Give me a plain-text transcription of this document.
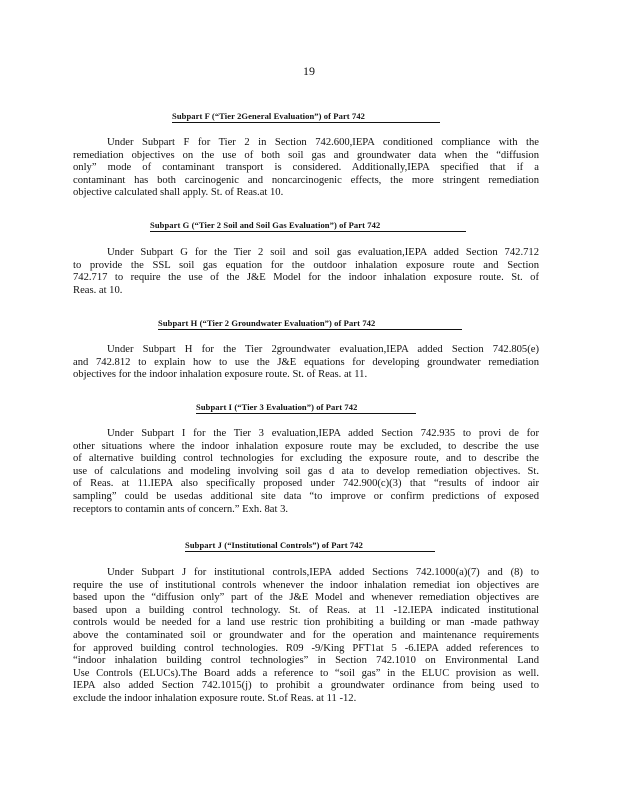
19
Subpart F (“Tier 2General Evaluation”) of Part 742
Under Subpart F for Tier 2 in Section 742.600,IEPA conditioned compliance with the
remediation objectives on the use of both soil gas and groundwater data when the “diffusion
only” mode of contaminant transport is considered. Additionally,IEPA specified that if a
contaminant has both carcinogenic and noncarcinogenic effects, the more stringent remediation
objective calculated shall apply. St. of Reas.at 10.
Subpart G (“Tier 2 Soil and Soil Gas Evaluation”) of Part 742
Under Subpart G for the Tier 2 soil and soil gas evaluation,IEPA added Section 742.712
to provide the SSL soil gas equation for the outdoor inhalation exposure route and Section
742.717 to require the use of the J&E Model for the indoor inhalation exposure route. St. of
Reas. at 10.
Subpart H (“Tier 2 Groundwater Evaluation”) of Part 742
Under Subpart H for the Tier 2groundwater evaluation,IEPA added Section 742.805(e)
and 742.812 to explain how to use the J&E equations for developing groundwater remediation
objectives for the indoor inhalation exposure route. St. of Reas. at 11.
Subpart I (“Tier 3 Evaluation”) of Part 742
Under Subpart I for the Tier 3 evaluation,IEPA added Section 742.935 to provi de for
other situations where the indoor inhalation exposure route may be excluded, to describe the use
of alternative building control technologies for excluding the exposure route, and to describe the
use of calculations and modeling involving soil gas d ata to develop remediation objectives. St.
of Reas. at 11.IEPA also specifically proposed under 742.900(c)(3) that “results of indoor air
sampling” could be usedas additional site data “to improve or confirm predictions of exposed
receptors to contamin ants of concern.” Exh. 8at 3.
Subpart J (“Institutional Controls”) of Part 742
Under Subpart J for institutional controls,IEPA added Sections 742.1000(a)(7) and (8) to
require the use of institutional controls whenever the indoor inhalation remediat ion objectives are
based upon the “diffusion only” part of the J&E Model and whenever remediation objectives are
based upon a building control technology. St. of Reas. at 11 -12.IEPA indicated institutional
controls would be needed for a land use restric tion prohibiting a building or man -made pathway
above the contaminated soil or groundwater and for the operation and maintenance requirements
for approved building control technologies. R09 -9/King PFT1at 5 -6.IEPA added references to
“indoor inhalation building control technologies” in Section 742.1010 on Environmental Land
Use Controls (ELUCs).The Board adds a reference to “soil gas” in the ELUC provision as well.
IEPA also added Section 742.1015(j) to prohibit a groundwater ordinance from being used to
exclude the indoor inhalation exposure route. St.of Reas. at 11 -12.
